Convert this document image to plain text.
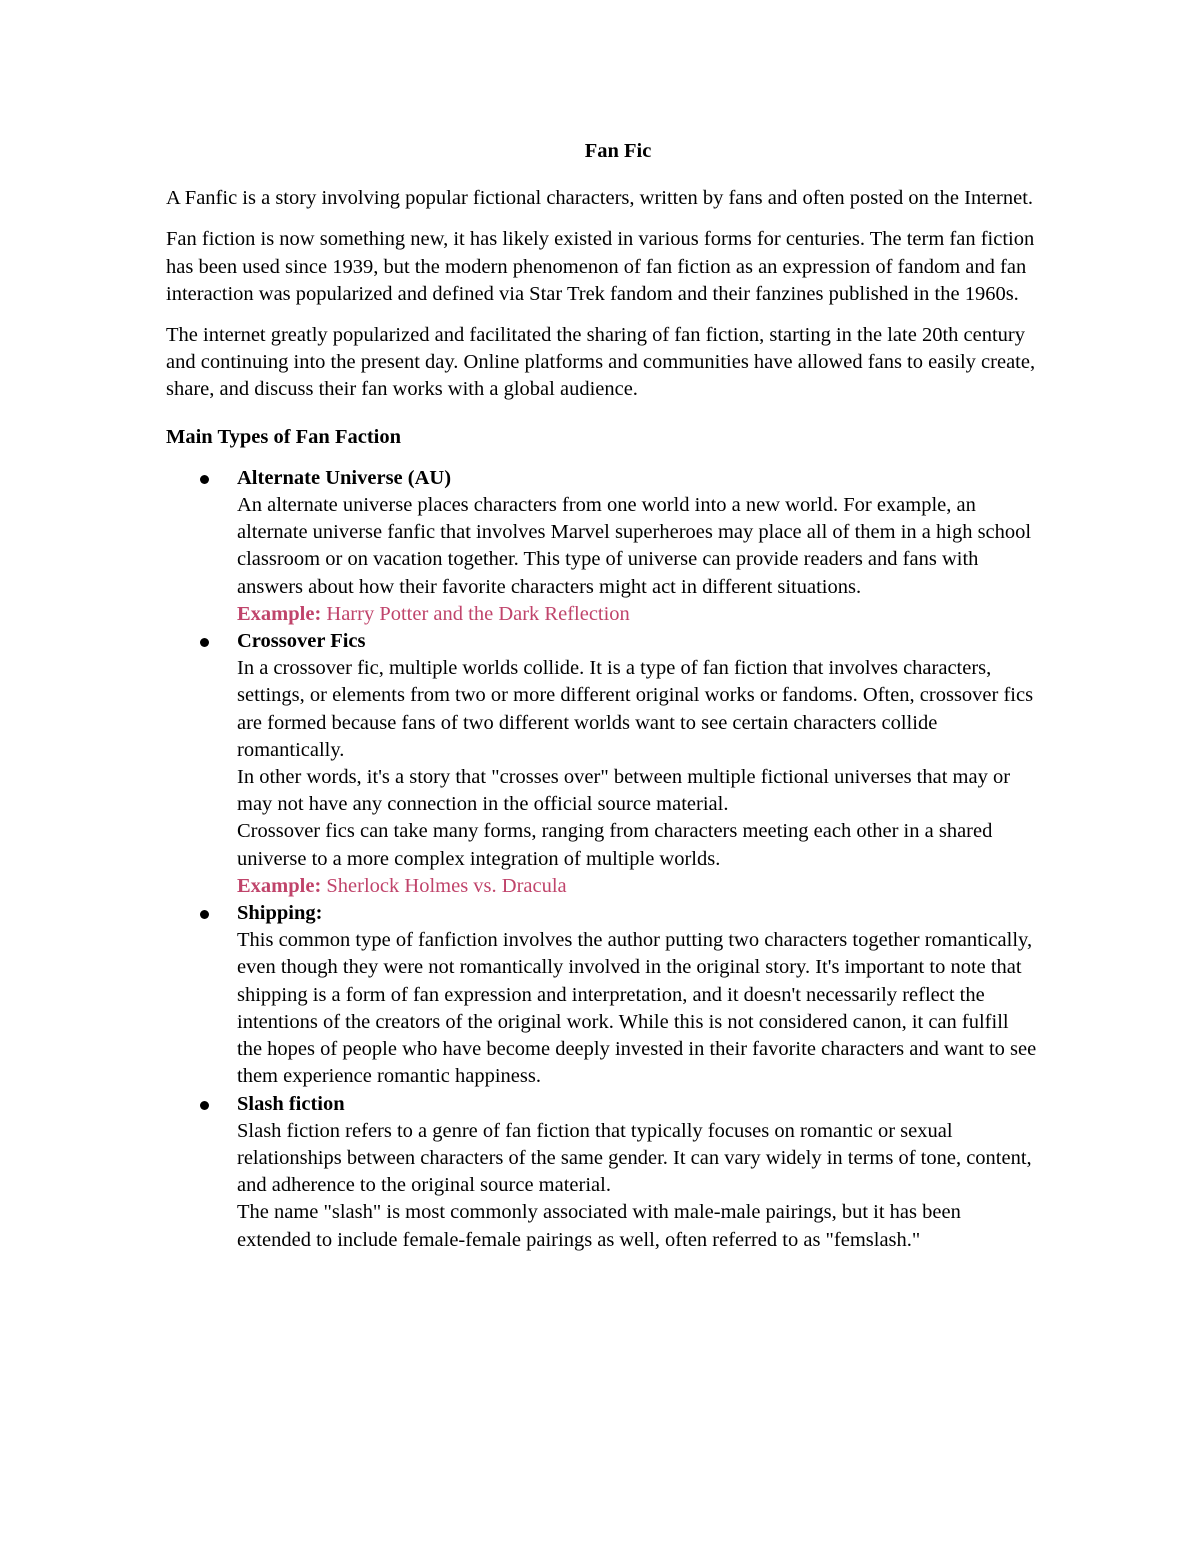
Fan Fic

A Fanfic is a story involving popular fictional characters, written by fans and often posted on the Internet.

Fan fiction is now something new, it has likely existed in various forms for centuries. The term fan fiction has been used since 1939, but the modern phenomenon of fan fiction as an expression of fandom and fan interaction was popularized and defined via Star Trek fandom and their fanzines published in the 1960s.

The internet greatly popularized and facilitated the sharing of fan fiction, starting in the late 20th century and continuing into the present day. Online platforms and communities have allowed fans to easily create, share, and discuss their fan works with a global audience.

Main Types of Fan Faction
Alternate Universe (AU)
An alternate universe places characters from one world into a new world. For example, an alternate universe fanfic that involves Marvel superheroes may place all of them in a high school classroom or on vacation together. This type of universe can provide readers and fans with answers about how their favorite characters might act in different situations.
Example: Harry Potter and the Dark Reflection
Crossover Fics
In a crossover fic, multiple worlds collide. It is a type of fan fiction that involves characters, settings, or elements from two or more different original works or fandoms. Often, crossover fics are formed because fans of two different worlds want to see certain characters collide romantically.
In other words, it's a story that "crosses over" between multiple fictional universes that may or may not have any connection in the official source material.
Crossover fics can take many forms, ranging from characters meeting each other in a shared universe to a more complex integration of multiple worlds.
Example: Sherlock Holmes vs. Dracula
Shipping:
This common type of fanfiction involves the author putting two characters together romantically, even though they were not romantically involved in the original story. It's important to note that shipping is a form of fan expression and interpretation, and it doesn't necessarily reflect the intentions of the creators of the original work. While this is not considered canon, it can fulfill the hopes of people who have become deeply invested in their favorite characters and want to see them experience romantic happiness.
Slash fiction
Slash fiction refers to a genre of fan fiction that typically focuses on romantic or sexual relationships between characters of the same gender. It can vary widely in terms of tone, content, and adherence to the original source material.
The name "slash" is most commonly associated with male-male pairings, but it has been extended to include female-female pairings as well, often referred to as "femslash."
